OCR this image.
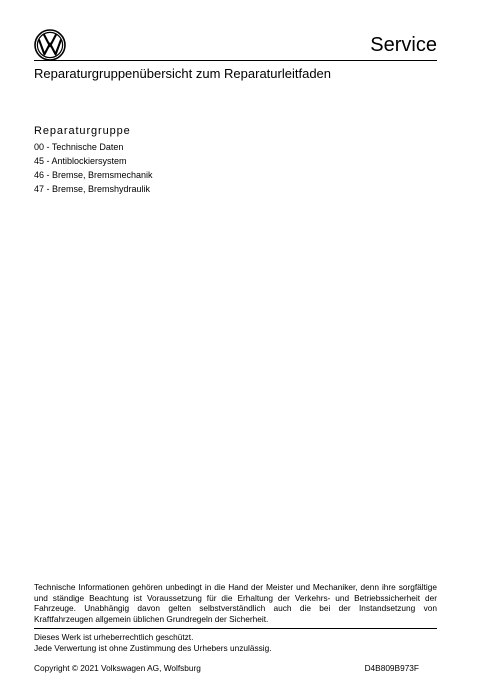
Service
Reparaturgruppenübersicht zum Reparaturleitfaden
Reparaturgruppe
00 - Technische Daten
45 - Antiblockiersystem
46 - Bremse, Bremsmechanik
47 - Bremse, Bremshydraulik

Technische Informationen gehören unbedingt in die Hand der Meister und Mechaniker, denn ihre sorgfältige und ständige Beachtung ist Voraussetzung für die Erhaltung der Verkehrs- und Betriebssicherheit der Fahrzeuge. Unabhängig davon gelten selbstverständlich auch die bei der Instandsetzung von Kraftfahrzeugen allgemein üblichen Grundregeln der Sicherheit.

Dieses Werk ist urheberrechtlich geschützt.
Jede Verwertung ist ohne Zustimmung des Urhebers unzulässig.
Copyright © 2021 Volkswagen AG, Wolfsburg	D4B809B973F
